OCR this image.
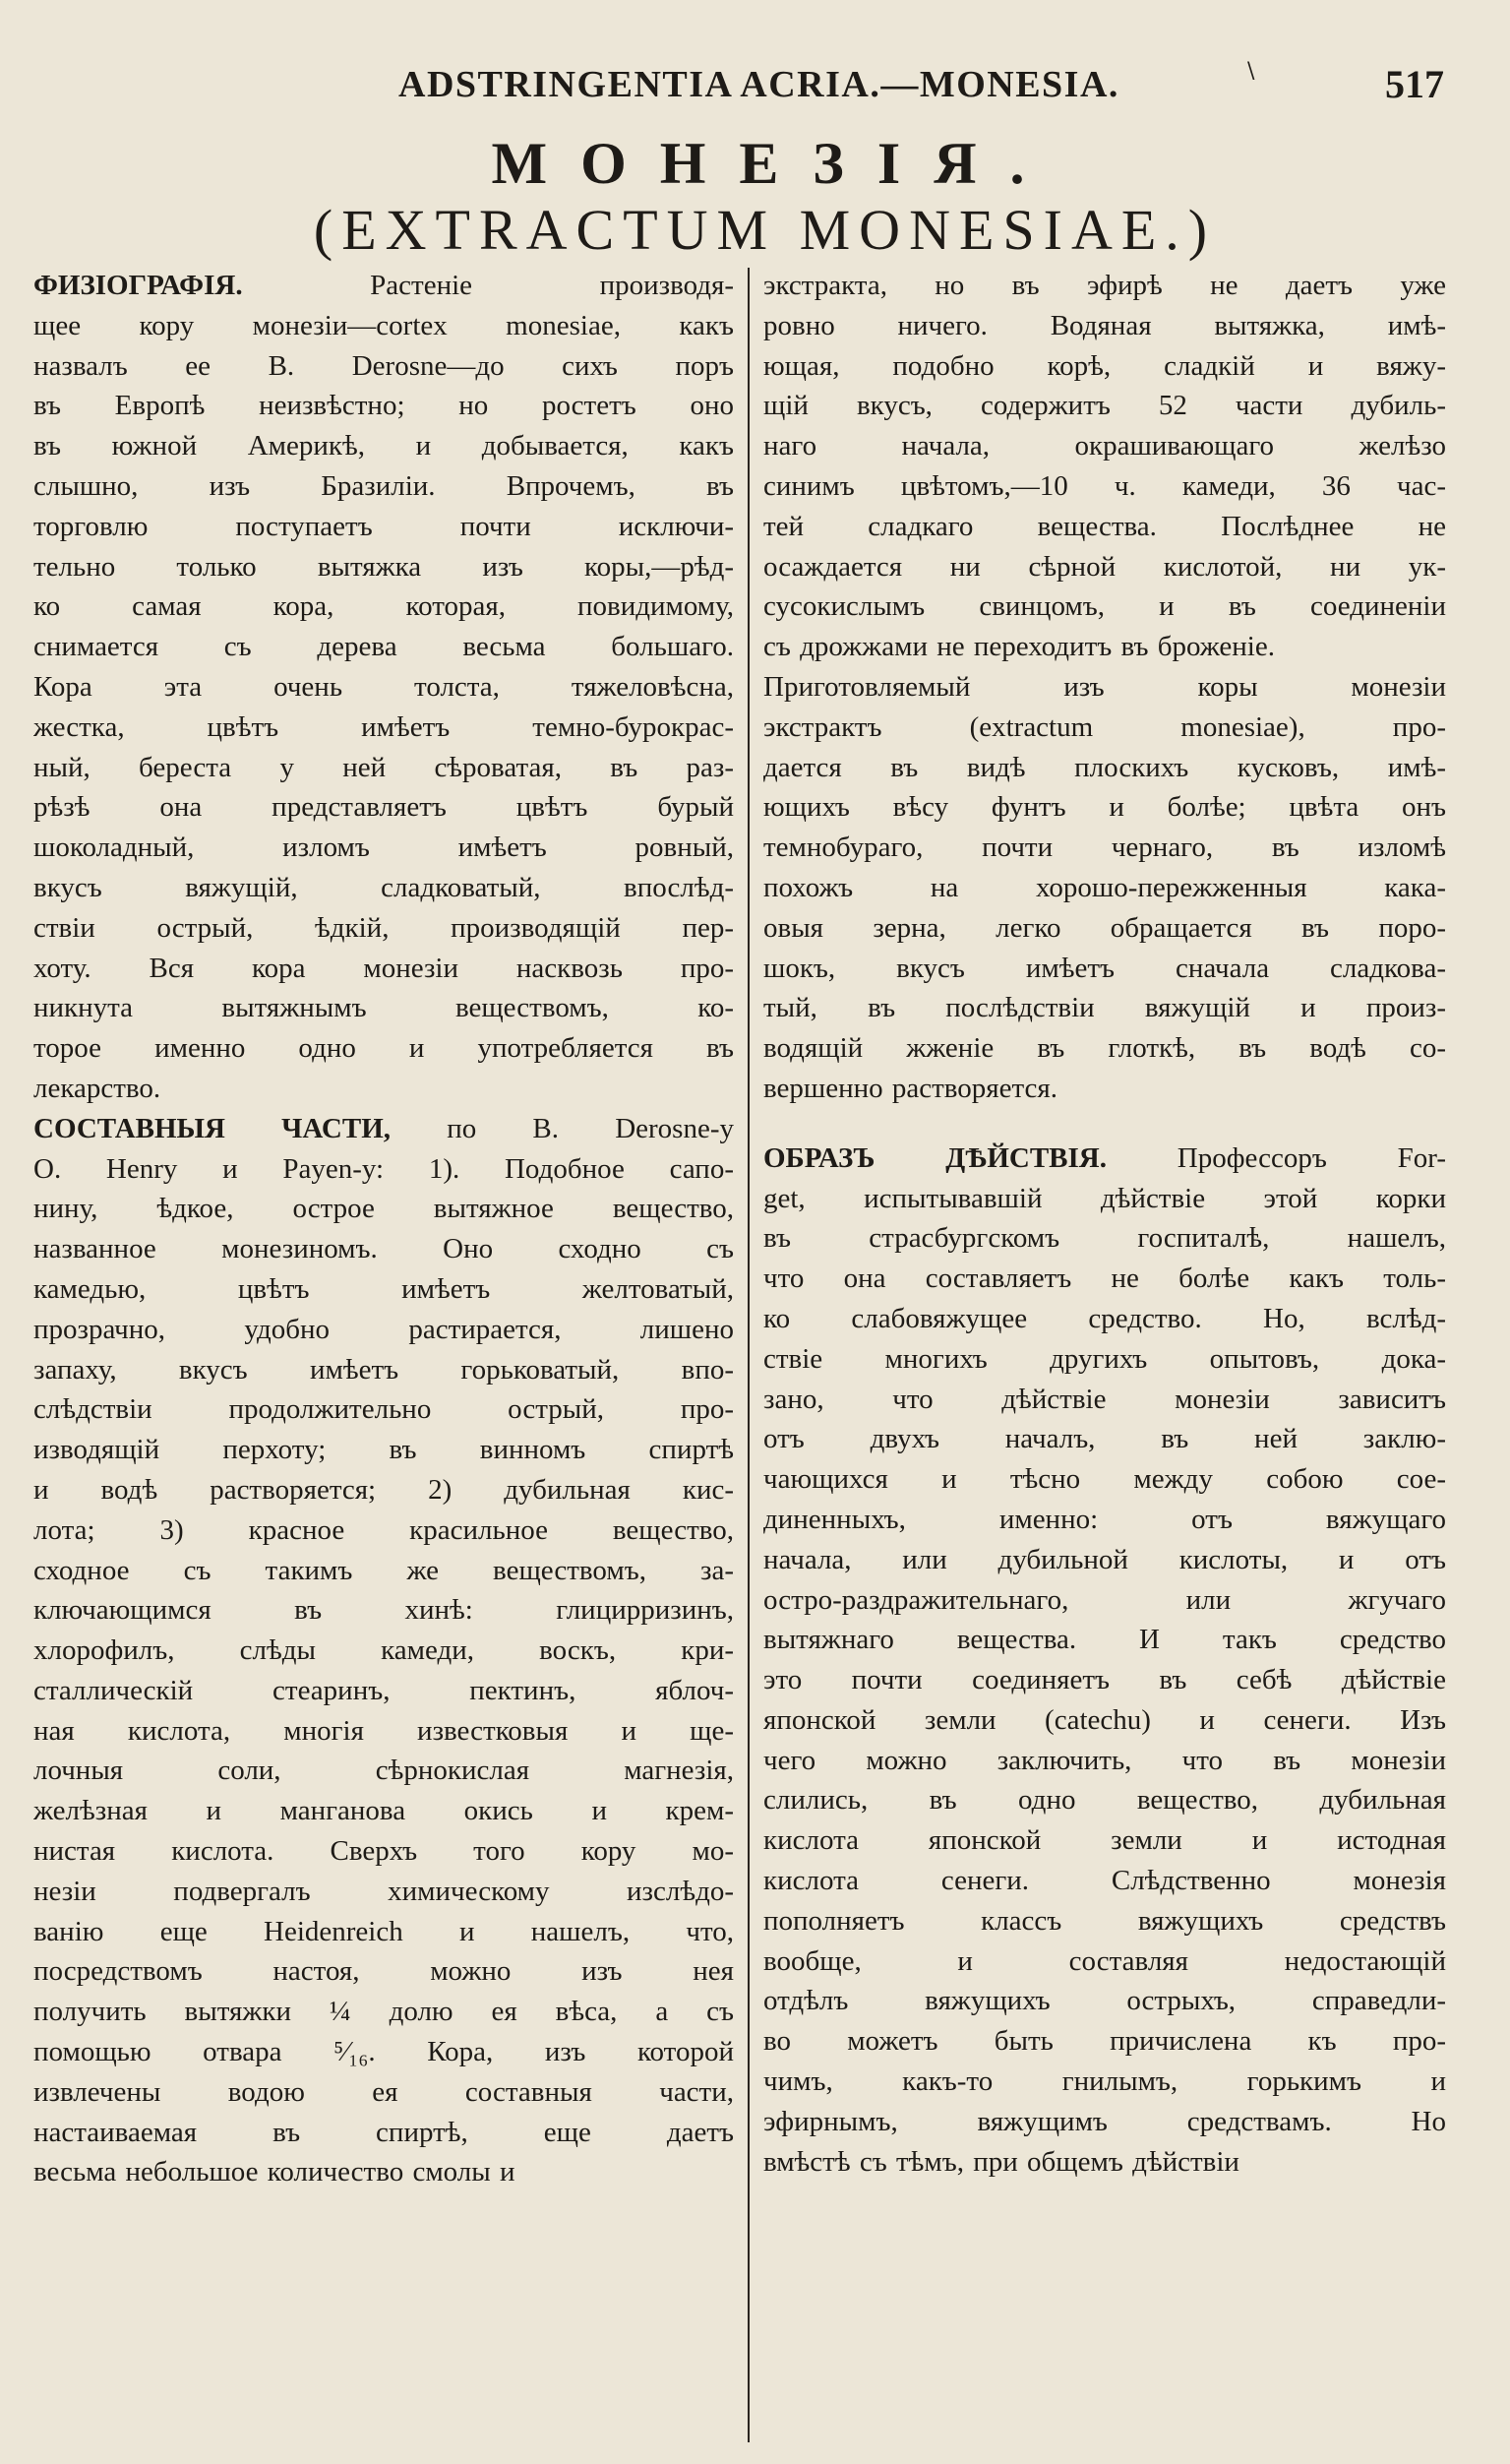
ADSTRINGENTIA ACRIA.—MONESIA.	\	517
МОНЕЗІЯ.
(EXTRACTUM MONESIAE.)
ФИЗІОГРАФІЯ. Растеніе производя-
щее кору монезіи—cortex monesiae, какъ
назвалъ ее В. Derosne—до сихъ поръ
въ Европѣ неизвѣстно; но ростетъ оно
въ южной Америкѣ, и добывается, какъ
слышно, изъ Бразиліи. Впрочемъ, въ
торговлю поступаетъ почти исключи-
тельно только вытяжка изъ коры,—рѣд-
ко самая кора, которая, повидимому,
снимается съ дерева весьма большаго.
Кора эта очень толста, тяжеловѣсна,
жестка, цвѣтъ имѣетъ темно-бурокрас-
ный, береста у ней сѣроватая, въ раз-
рѣзѣ она представляетъ цвѣтъ бурый
шоколадный, изломъ имѣетъ ровный,
вкусъ вяжущій, сладковатый, впослѣд-
ствіи острый, ѣдкій, производящій пер-
хоту. Вся кора монезіи насквозь про-
никнута вытяжнымъ веществомъ, ко-
торое именно одно и употребляется въ
лекарство.
СОСТАВНЫЯ ЧАСТИ, по В. Derosne-у
О. Henry и Payen-у: 1). Подобное сапо-
нину, ѣдкое, острое вытяжное вещество,
названное монезиномъ. Оно сходно съ
камедью, цвѣтъ имѣетъ желтоватый,
прозрачно, удобно растирается, лишено
запаху, вкусъ имѣетъ горьковатый, впо-
слѣдствіи продолжительно острый, про-
изводящій перхоту; въ винномъ спиртѣ
и водѣ растворяется; 2) дубильная кис-
лота; 3) красное красильное вещество,
сходное съ такимъ же веществомъ, за-
ключающимся въ хинѣ: глицирризинъ,
хлорофилъ, слѣды камеди, воскъ, кри-
сталлическій стеаринъ, пектинъ, яблоч-
ная кислота, многія известковыя и ще-
лочныя соли, сѣрнокислая магнезія,
желѣзная и манганова окись и крем-
нистая кислота. Сверхъ того кору мо-
незіи подвергалъ химическому изслѣдо-
ванію еще Heidenreich и нашелъ, что,
посредствомъ настоя, можно изъ нея
получить вытяжки ¼ долю ея вѣса, а съ
помощью отвара ⁵⁄₁₆. Кора, изъ которой
извлечены водою ея составныя части,
настаиваемая въ спиртѣ, еще даетъ
весьма небольшое количество смолы и
экстракта, но въ эфирѣ не даетъ уже
ровно ничего. Водяная вытяжка, имѣ-
ющая, подобно корѣ, сладкій и вяжу-
щій вкусъ, содержитъ 52 части дубиль-
наго начала, окрашивающаго желѣзо
синимъ цвѣтомъ,—10 ч. камеди, 36 час-
тей сладкаго вещества. Послѣднее не
осаждается ни сѣрной кислотой, ни ук-
сусокислымъ свинцомъ, и въ соединеніи
съ дрожжами не переходитъ въ броженіе.
Приготовляемый изъ коры монезіи
экстрактъ (extractum monesiae), про-
дается въ видѣ плоскихъ кусковъ, имѣ-
ющихъ вѣсу фунтъ и болѣе; цвѣта онъ
темнобураго, почти чернаго, въ изломѣ
похожъ на хорошо-пережженныя кака-
овыя зерна, легко обращается въ поро-
шокъ, вкусъ имѣетъ сначала сладкова-
тый, въ послѣдствіи вяжущій и произ-
водящій жженіе въ глоткѣ, въ водѣ со-
вершенно растворяется.
ОБРАЗЪ ДѢЙСТВІЯ. Профессоръ For-
get, испытывавшій дѣйствіе этой корки
въ страсбургскомъ госпиталѣ, нашелъ,
что она составляетъ не болѣе какъ толь-
ко слабовяжущее средство. Но, вслѣд-
ствіе многихъ другихъ опытовъ, дока-
зано, что дѣйствіе монезіи зависитъ
отъ двухъ началъ, въ ней заклю-
чающихся и тѣсно между собою сое-
диненныхъ, именно: отъ вяжущаго
начала, или дубильной кислоты, и отъ
остро-раздражительнаго, или жгучаго
вытяжнаго вещества. И такъ средство
это почти соединяетъ въ себѣ дѣйствіе
японской земли (catechu) и сенеги. Изъ
чего можно заключить, что въ монезіи
слились, въ одно вещество, дубильная
кислота японской земли и истодная
кислота сенеги. Слѣдственно монезія
пополняетъ классъ вяжущихъ средствъ
вообще, и составляя недостающій
отдѣлъ вяжущихъ острыхъ, справедли-
во можетъ быть причислена къ про-
чимъ, какъ-то гнилымъ, горькимъ и
эфирнымъ, вяжущимъ средствамъ. Но
вмѣстѣ съ тѣмъ, при общемъ дѣйствіи
